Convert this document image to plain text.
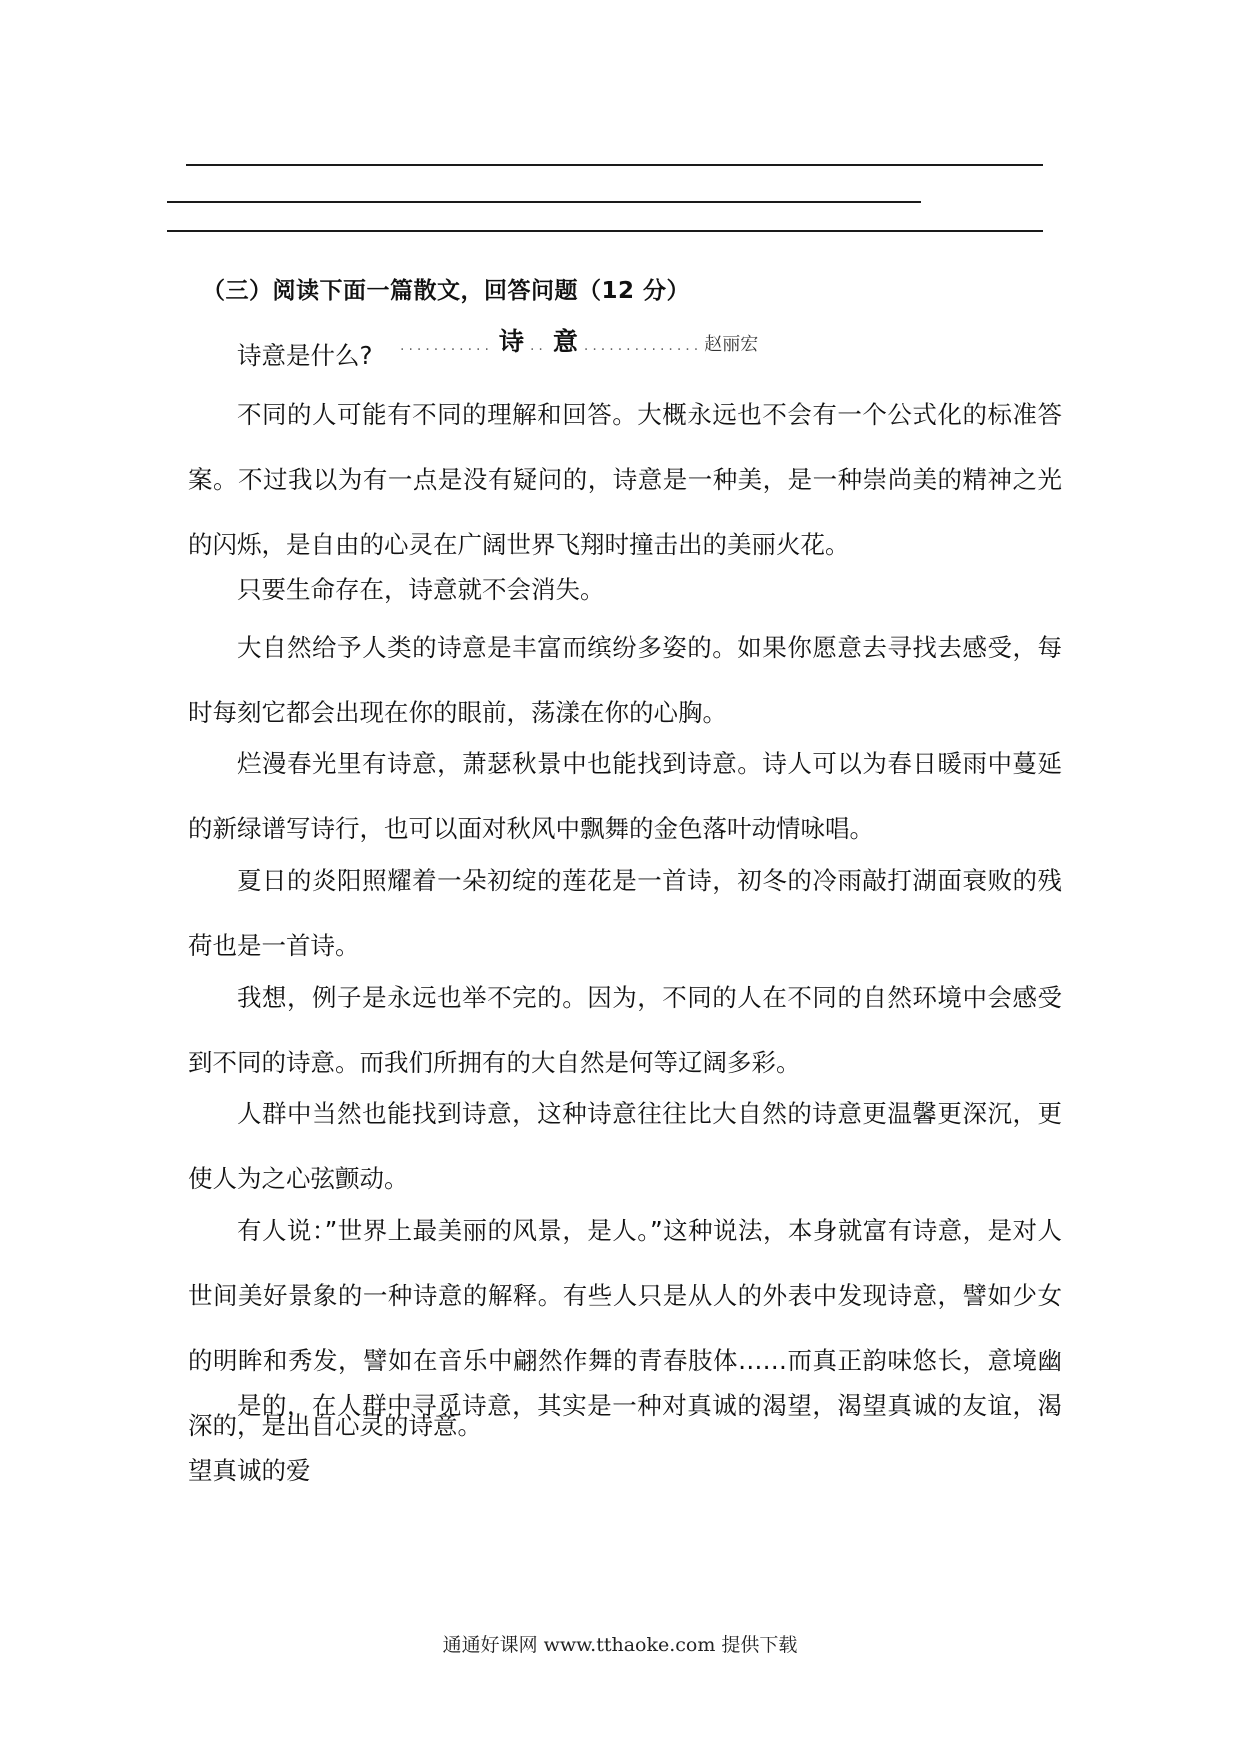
（三）阅读下面一篇散文，回答问题（12 分）
........... 诗 .. 意 .............. 赵丽宏

诗意是什么?

不同的人可能有不同的理解和回答。大概永远也不会有一个公式化的标准答案。不过我以为有一点是没有疑问的，诗意是一种美，是一种崇尚美的精神之光的闪烁，是自由的心灵在广阔世界飞翔时撞击出的美丽火花。

只要生命存在，诗意就不会消失。

大自然给予人类的诗意是丰富而缤纷多姿的。如果你愿意去寻找去感受，每时每刻它都会出现在你的眼前，荡漾在你的心胸。

烂漫春光里有诗意，萧瑟秋景中也能找到诗意。诗人可以为春日暖雨中蔓延的新绿谱写诗行，也可以面对秋风中飘舞的金色落叶动情咏唱。

夏日的炎阳照耀着一朵初绽的莲花是一首诗，初冬的冷雨敲打湖面衰败的残荷也是一首诗。

我想，例子是永远也举不完的。因为，不同的人在不同的自然环境中会感受到不同的诗意。而我们所拥有的大自然是何等辽阔多彩。

人群中当然也能找到诗意，这种诗意往往比大自然的诗意更温馨更深沉，更使人为之心弦颤动。

有人说：”世界上最美丽的风景，是人。”这种说法，本身就富有诗意，是对人世间美好景象的一种诗意的解释。有些人只是从人的外表中发现诗意，譬如少女的明眸和秀发，譬如在音乐中翩然作舞的青春肢体……而真正韵味悠长，意境幽深的，是出自心灵的诗意。

是的，在人群中寻觅诗意，其实是一种对真诚的渴望，渴望真诚的友谊，渴望真诚的爱

通通好课网 www.tthaoke.com 提供下载
